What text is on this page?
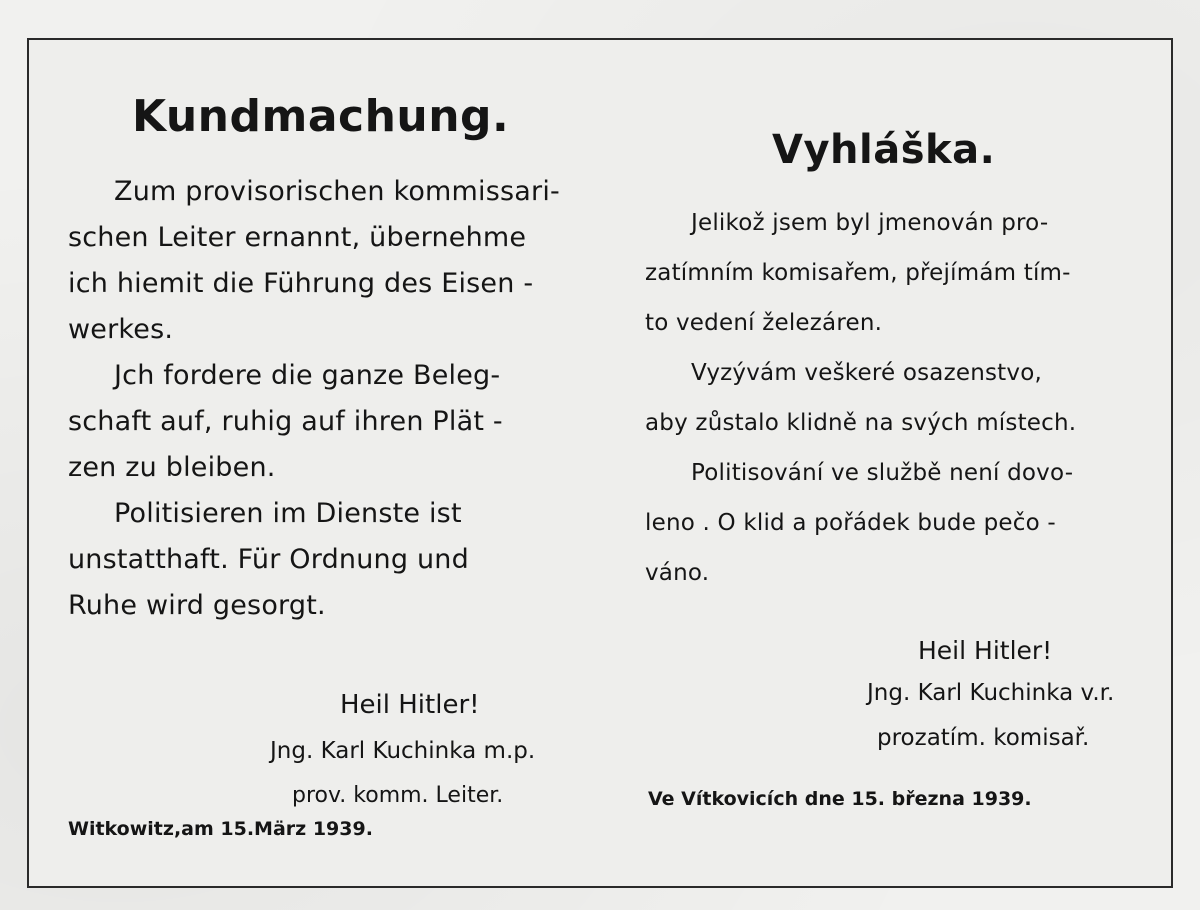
Kundmachung.

Zum provisorischen kommissari-
schen Leiter ernannt, übernehme
ich hiemit die Führung des Eisen -
werkes.

Jch fordere die ganze Beleg-
schaft auf, ruhig auf ihren Plät -
zen zu bleiben.

Politisieren im Dienste ist
unstatthaft. Für Ordnung und
Ruhe wird gesorgt.

Heil Hitler!
Jng. Karl Kuchinka m.p.
prov. komm. Leiter.
Witkowitz,am 15.März 1939.
Vyhláška.

Jelikož jsem byl jmenován pro-
zatímním komisařem, přejímám tím-
to vedení železáren.

Vyzývám veškeré osazenstvo,
aby zůstalo klidně na svých místech.

Politisování ve službě není dovo-
leno . O klid a pořádek bude pečo -
váno.

Heil Hitler!
Jng. Karl Kuchinka v.r.
prozatím. komisař.
Ve Vítkovicích dne 15. března 1939.
